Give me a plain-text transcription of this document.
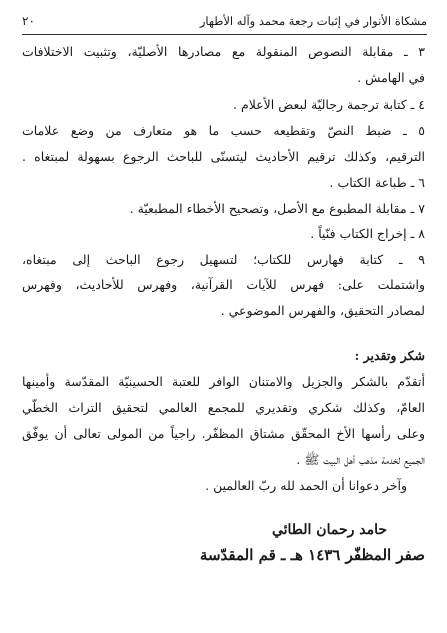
مشكاة الأنوار في إثبات رجعة محمد وآله الأطهار
٢٠
٣ ـ مقابلة النصوص المنقولة مع مصادرها الأصليّة، وتثبيت الاختلافات
في الهامش .
٤ ـ كتابة ترجمة رجاليّة لبعض الأعلام .
٥ ـ ضبط النصّ وتقطيعه حسب ما هو متعارف من وضع علامات
الترقيم، وكذلك ترقيم الأحاديث ليتسنّى للباحث الرجوع بسهولة لمبتغاه .
٦ ـ طباعة الكتاب .
٧ ـ مقابلة المطبوع مع الأصل، وتصحيح الأخطاء المطبعيّة .
٨ ـ إخراج الكتاب فنّياً .
٩ ـ كتابة فهارس للكتاب؛ لتسهيل رجوع الباحث إلى مبتغاه،
واشتملت على: فهرس للآيات القرآنية، وفهرس للأحاديث، وفهرس
لمصادر التحقيق، والفهرس الموضوعي .
شكر وتقدير :
أتقدّم بالشكر والجزيل والامتنان الوافر للعتبة الحسينيّة المقدّسة وأمينها
العامّ، وكذلك شكري وتقديري للمجمع العالمي لتحقيق التراث الخطّي
وعلى رأسها الأخ المحقّق مشتاق المظفّر. راجياً من المولى تعالى أن يوفّق
الجميع لخدمة مذهب أهل البيت ﷺ .
وآخر دعوانا أن الحمد لله ربّ العالمين .
حامد رحمان الطائي
صفر المظفّر ١٤٣٦ هـ ـ قم المقدّسة
